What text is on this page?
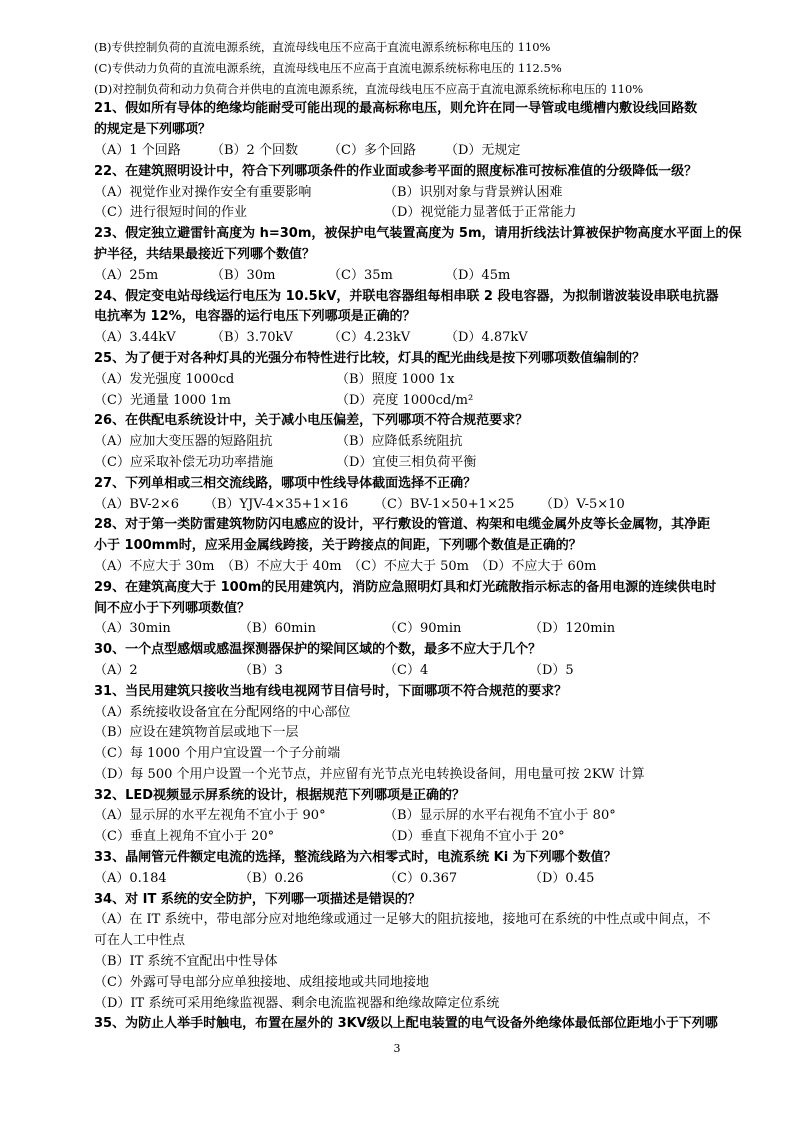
(B)专供控制负荷的直流电源系统，直流母线电压不应高于直流电源系统标称电压的 110%
(C)专供动力负荷的直流电源系统，直流母线电压不应高于直流电源系统标称电压的 112.5%
(D)对控制负荷和动力负荷合并供电的直流电源系统，直流母线电压不应高于直流电源系统标称电压的 110%
21、假如所有导体的绝缘均能耐受可能出现的最高标称电压，则允许在同一导管或电缆槽内敷设线回路数
的规定是下列哪项？
（A）1 个回路	（B）2 个回数	（C）多个回路	（D）无规定
22、在建筑照明设计中，符合下列哪项条件的作业面或参考平面的照度标准可按标准值的分级降低一级？
（A）视觉作业对操作安全有重要影响	（B）识别对象与背景辨认困难
（C）进行很短时间的作业	（D）视觉能力显著低于正常能力
23、假定独立避雷针高度为 h=30m，被保护电气装置高度为 5m，请用折线法计算被保护物高度水平面上的保
护半径，共结果最接近下列哪个数值？
（A）25m	（B）30m	（C）35m	（D）45m
24、假定变电站母线运行电压为 10.5kV，并联电容器组每相串联 2 段电容器，为拟制谐波装设串联电抗器
电抗率为 12%，电容器的运行电压下列哪项是正确的？
（A）3.44kV	（B）3.70kV	（C）4.23kV	（D）4.87kV
25、为了便于对各种灯具的光强分布特性进行比较，灯具的配光曲线是按下列哪项数值编制的？
（A）发光强度 1000cd	（B）照度 1000 1x
（C）光通量 1000 1m	（D）亮度 1000cd/m²
26、在供配电系统设计中，关于减小电压偏差，下列哪项不符合规范要求？
（A）应加大变压器的短路阻抗	（B）应降低系统阻抗
（C）应采取补偿无功功率措施	（D）宜使三相负荷平衡
27、下列单相或三相交流线路，哪项中性线导体截面选择不正确？
（A）BV-2×6	（B）YJV-4×35+1×16	（C）BV-1×50+1×25	（D）V-5×10
28、对于第一类防雷建筑物防闪电感应的设计，平行敷设的管道、构架和电缆金属外皮等长金属物，其净距
小于 100mm时，应采用金属线跨接，关于跨接点的间距，下列哪个数值是正确的？
（A）不应大于 30m （B）不应大于 40m （C）不应大于 50m （D）不应大于 60m
29、在建筑高度大于 100m的民用建筑内，消防应急照明灯具和灯光疏散指示标志的备用电源的连续供电时
间不应小于下列哪项数值？
（A）30min	（B）60min	（C）90min	（D）120min
30、一个点型感烟或感温探测器保护的梁间区域的个数，最多不应大于几个？
（A）2	（B）3	（C）4	（D）5
31、当民用建筑只接收当地有线电视网节目信号时，下面哪项不符合规范的要求？
（A）系统接收设备宜在分配网络的中心部位
（B）应设在建筑物首层或地下一层
（C）每 1000 个用户宜设置一个子分前端
（D）每 500 个用户设置一个光节点，并应留有光节点光电转换设备间，用电量可按 2KW 计算
32、LED视频显示屏系统的设计，根据规范下列哪项是正确的？
（A）显示屏的水平左视角不宜小于 90°	（B）显示屏的水平右视角不宜小于 80°
（C）垂直上视角不宜小于 20°	（D）垂直下视角不宜小于 20°
33、晶闸管元件额定电流的选择，整流线路为六相零式时，电流系统 Ki 为下列哪个数值？
（A）0.184	（B）0.26	（C）0.367	（D）0.45
34、对 IT 系统的安全防护，下列哪一项描述是错误的？
（A）在 IT 系统中，带电部分应对地绝缘或通过一足够大的阻抗接地，接地可在系统的中性点或中间点，不
可在人工中性点
（B）IT 系统不宜配出中性导体
（C）外露可导电部分应单独接地、成组接地或共同地接地
（D）IT 系统可采用绝缘监视器、剩余电流监视器和绝缘故障定位系统
35、为防止人举手时触电，布置在屋外的 3KV级以上配电装置的电气设备外绝缘体最低部位距地小于下列哪
3
